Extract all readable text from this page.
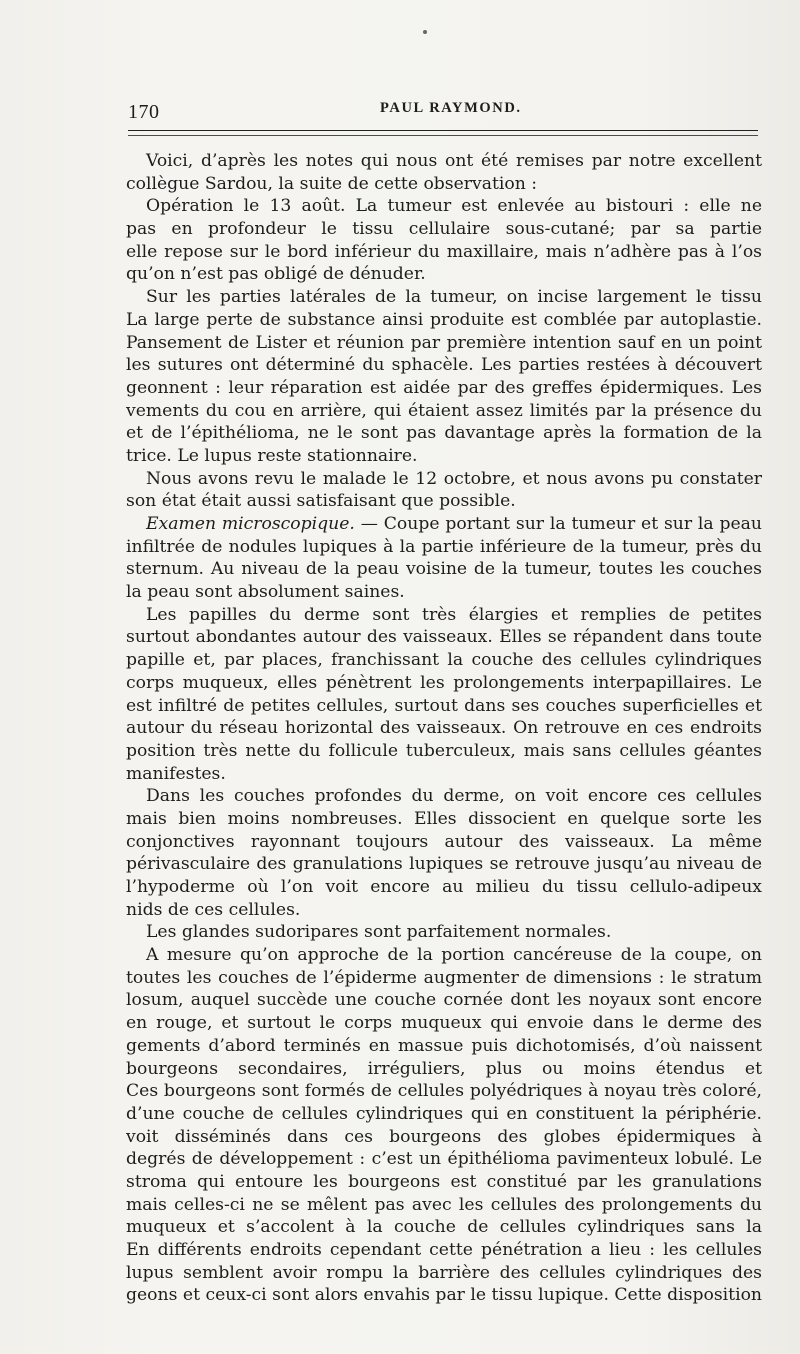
170	PAUL RAYMOND.
Voici, d’après les notes qui nous ont été remises par notre excellent
collègue Sardou, la suite de cette observation :
Opération le 13 août. La tumeur est enlevée au bistouri : elle ne
pas en profondeur le tissu cellulaire sous-cutané; par sa partie
elle repose sur le bord inférieur du maxillaire, mais n’adhère pas à l’os
qu’on n’est pas obligé de dénuder.
Sur les parties latérales de la tumeur, on incise largement le tissu
La large perte de substance ainsi produite est comblée par autoplastie.
Pansement de Lister et réunion par première intention sauf en un point
les sutures ont déterminé du sphacèle. Les parties restées à découvert
geonnent : leur réparation est aidée par des greffes épidermiques. Les
vements du cou en arrière, qui étaient assez limités par la présence du
et de l’épithélioma, ne le sont pas davantage après la formation de la
trice. Le lupus reste stationnaire.
Nous avons revu le malade le 12 octobre, et nous avons pu constater
son état était aussi satisfaisant que possible.
Examen microscopique. — Coupe portant sur la tumeur et sur la peau
infiltrée de nodules lupiques à la partie inférieure de la tumeur, près du
sternum. Au niveau de la peau voisine de la tumeur, toutes les couches
la peau sont absolument saines.
Les papilles du derme sont très élargies et remplies de petites
surtout abondantes autour des vaisseaux. Elles se répandent dans toute
papille et, par places, franchissant la couche des cellules cylindriques
corps muqueux, elles pénètrent les prolongements interpapillaires. Le
est infiltré de petites cellules, surtout dans ses couches superficielles et
autour du réseau horizontal des vaisseaux. On retrouve en ces endroits
position très nette du follicule tuberculeux, mais sans cellules géantes
manifestes.
Dans les couches profondes du derme, on voit encore ces cellules
mais bien moins nombreuses. Elles dissocient en quelque sorte les
conjonctives rayonnant toujours autour des vaisseaux. La même
périvasculaire des granulations lupiques se retrouve jusqu’au niveau de
l’hypoderme où l’on voit encore au milieu du tissu cellulo-adipeux
nids de ces cellules.
Les glandes sudoripares sont parfaitement normales.
A mesure qu’on approche de la portion cancéreuse de la coupe, on
toutes les couches de l’épiderme augmenter de dimensions : le stratum
losum, auquel succède une couche cornée dont les noyaux sont encore
en rouge, et surtout le corps muqueux qui envoie dans le derme des
gements d’abord terminés en massue puis dichotomisés, d’où naissent
bourgeons secondaires, irréguliers, plus ou moins étendus et
Ces bourgeons sont formés de cellules polyédriques à noyau très coloré,
d’une couche de cellules cylindriques qui en constituent la périphérie.
voit disséminés dans ces bourgeons des globes épidermiques à
degrés de développement : c’est un épithélioma pavimenteux lobulé. Le
stroma qui entoure les bourgeons est constitué par les granulations
mais celles-ci ne se mêlent pas avec les cellules des prolongements du
muqueux et s’accolent à la couche de cellules cylindriques sans la
En différents endroits cependant cette pénétration a lieu : les cellules
lupus semblent avoir rompu la barrière des cellules cylindriques des
geons et ceux-ci sont alors envahis par le tissu lupique. Cette disposition
